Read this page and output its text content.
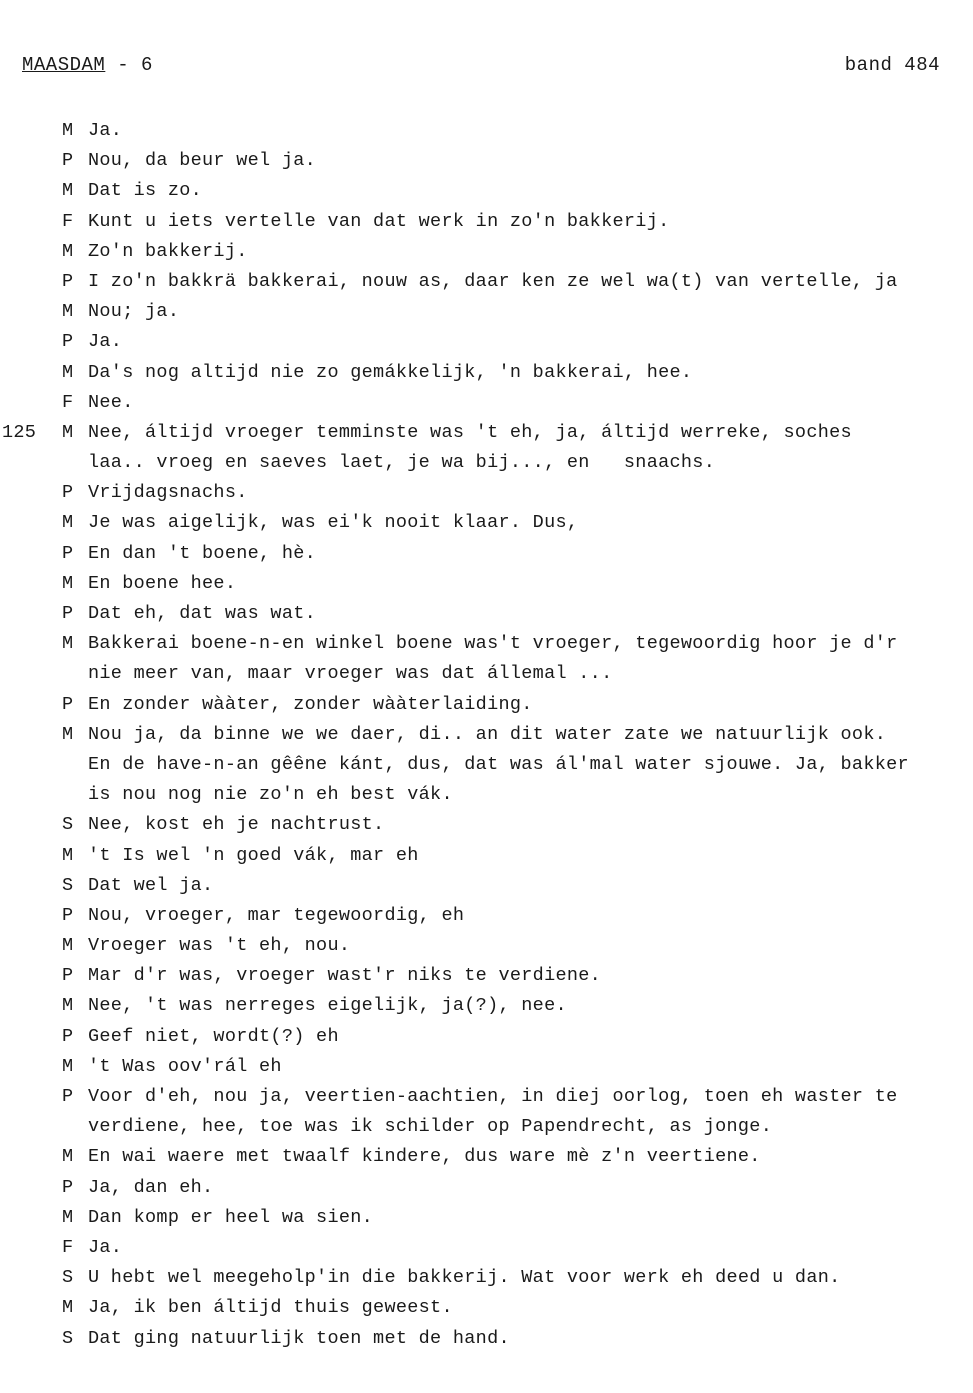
MAASDAM - 6	band 484
M Ja.
P Nou, da beur wel ja.
M Dat is zo.
F Kunt u iets vertelle van dat werk in zo'n bakkerij.
M Zo'n bakkerij.
P I zo'n bakkrä bakkerai, nouw as, daar ken ze wel wa(t) van vertelle, ja
M Nou; ja.
P Ja.
M Da's nog altijd nie zo gemákkelijk, 'n bakkerai, hee.
F Nee.
125 M Nee, áltijd vroeger temminste was 't eh, ja, áltijd werreke, soches
laa.. vroeg en saeves laet, je wa bij..., en   snaachs.
P Vrijdagsnachs.
M Je was aigelijk, was ei'k nooit klaar. Dus,
P En dan 't boene, hè.
M En boene hee.
P Dat eh, dat was wat.
M Bakkerai boene-n-en winkel boene was't vroeger, tegewoordig hoor je d'r
nie meer van, maar vroeger was dat állemal ...
P En zonder wààter, zonder wààterlaiding.
M Nou ja, da binne we we daer, di.. an dit water zate we natuurlijk ook.
En de have-n-an gêêne kánt, dus, dat was ál'mal water sjouwe. Ja, bakker
is nou nog nie zo'n eh best vák.
S Nee, kost eh je nachtrust.
M 't Is wel 'n goed vák, mar eh
S Dat wel ja.
P Nou, vroeger, mar tegewoordig, eh
M Vroeger was 't eh, nou.
P Mar d'r was, vroeger wast'r niks te verdiene.
M Nee, 't was nerreges eigelijk, ja(?), nee.
P Geef niet, wordt(?) eh
M 't Was oov'rál eh
P Voor d'eh, nou ja, veertien-aachtien, in diej oorlog, toen eh waster te
verdiene, hee, toe was ik schilder op Papendrecht, as jonge.
M En wai waere met twaalf kindere, dus ware mè z'n veertiene.
P Ja, dan eh.
M Dan komp er heel wa sien.
F Ja.
S U hebt wel meegeholp'in die bakkerij. Wat voor werk eh deed u dan.
M Ja, ik ben áltijd thuis geweest.
S Dat ging natuurlijk toen met de hand.
